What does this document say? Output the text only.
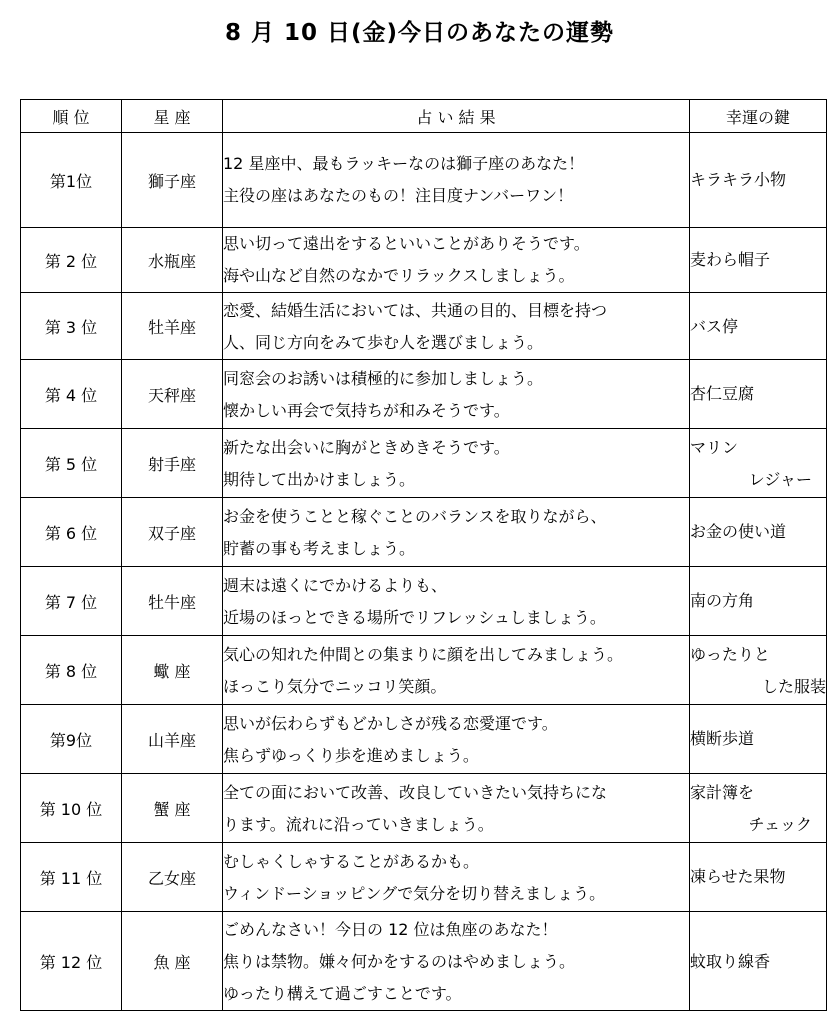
8 月 10 日(金)今日のあなたの運勢
順 位	星 座	占 い 結 果	幸運の鍵
第1位	獅子座	12 星座中、最もラッキーなのは獅子座のあなた！
主役の座はあなたのもの！注目度ナンバーワン！	キラキラ小物

第 2 位	水瓶座	思い切って遠出をするといいことがありそうです。
海や山など自然のなかでリラックスしましょう。	麦わら帽子

第 3 位	牡羊座	恋愛、結婚生活においては、共通の目的、目標を持つ
人、同じ方向をみて歩む人を選びましょう。	バス停

第 4 位	天秤座	同窓会のお誘いは積極的に参加しましょう。
懐かしい再会で気持ちが和みそうです。	杏仁豆腐

第 5 位	射手座	新たな出会いに胸がときめきそうです。
期待して出かけましょう。	マリン
レジャー

第 6 位	双子座	お金を使うことと稼ぐことのバランスを取りながら、
貯蓄の事も考えましょう。	お金の使い道

第 7 位	牡牛座	週末は遠くにでかけるよりも、
近場のほっとできる場所でリフレッシュしましょう。	南の方角

第 8 位	蠍 座	気心の知れた仲間との集まりに顔を出してみましょう。
ほっこり気分でニッコリ笑顔。	ゆったりと
した服装

第9位	山羊座	思いが伝わらずもどかしさが残る恋愛運です。
焦らずゆっくり歩を進めましょう。	横断歩道

第 10 位	蟹 座	全ての面において改善、改良していきたい気持ちにな
ります。流れに沿っていきましょう。	家計簿を
チェック

第 11 位	乙女座	むしゃくしゃすることがあるかも。
ウィンドーショッピングで気分を切り替えましょう。	凍らせた果物

第 12 位	魚 座	ごめんなさい！今日の 12 位は魚座のあなた！
焦りは禁物。嫌々何かをするのはやめましょう。
ゆったり構えて過ごすことです。	蚊取り線香
